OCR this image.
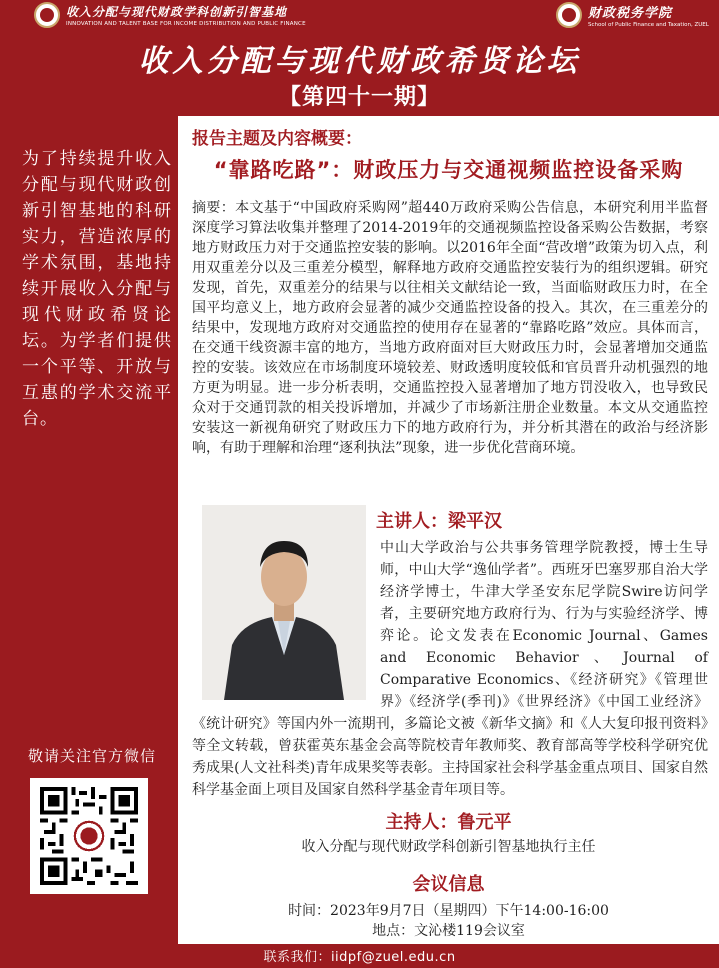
收入分配与现代财政学科创新引智基地
INNOVATION AND TALENT BASE FOR INCOME DISTRIBUTION AND PUBLIC FINANCE
财政税务学院
School of Public Finance and Taxation, ZUEL
收入分配与现代财政希贤论坛
【第四十一期】
为了持续提升收入分配与现代财政创新引智基地的科研实力，营造浓厚的学术氛围，基地持续开展收入分配与现代财政希贤论坛。为学者们提供一个平等、开放与互惠的学术交流平台。
敬请关注官方微信
报告主题及内容概要：
“靠路吃路”：财政压力与交通视频监控设备采购
摘要：本文基于“中国政府采购网”超440万政府采购公告信息，本研究利用半监督深度学习算法收集并整理了2014-2019年的交通视频监控设备采购公告数据，考察地方财政压力对于交通监控安装的影响。以2016年全面“营改增”政策为切入点，利用双重差分以及三重差分模型，解释地方政府交通监控安装行为的组织逻辑。研究发现，首先，双重差分的结果与以往相关文献结论一致，当面临财政压力时，在全国平均意义上，地方政府会显著的减少交通监控设备的投入。其次，在三重差分的结果中，发现地方政府对交通监控的使用存在显著的“靠路吃路”效应。具体而言，在交通干线资源丰富的地方，当地方政府面对巨大财政压力时，会显著增加交通监控的安装。该效应在市场制度环境较差、财政透明度较低和官员晋升动机强烈的地方更为明显。进一步分析表明，交通监控投入显著增加了地方罚没收入，也导致民众对于交通罚款的相关投诉增加，并减少了市场新注册企业数量。本文从交通监控安装这一新视角研究了财政压力下的地方政府行为，并分析其潜在的政治与经济影响，有助于理解和治理“逐利执法”现象，进一步优化营商环境。
主讲人：梁平汉
中山大学政治与公共事务管理学院教授，博士生导师，中山大学“逸仙学者”。西班牙巴塞罗那自治大学经济学博士，牛津大学圣安东尼学院Swire访问学者，主要研究地方政府行为、行为与实验经济学、博弈论。论文发表在Economic Journal、Games and Economic Behavior、Journal of Comparative Economics、《经济研究》《管理世界》《经济学(季刊)》《世界经济》《中国工业经济》《统计研究》等国内外一流期刊，多篇论文被《新华文摘》和《人大复印报刊资料》等全文转载，曾获霍英东基金会高等院校青年教师奖、教育部高等学校科学研究优秀成果(人文社科类)青年成果奖等表彰。主持国家社会科学基金重点项目、国家自然科学基金面上项目及国家自然科学基金青年项目等。
主持人：鲁元平
收入分配与现代财政学科创新引智基地执行主任
会议信息
时间：2023年9月7日（星期四）下午14:00-16:00
地点：文沁楼119会议室
联系我们：iidpf@zuel.edu.cn
